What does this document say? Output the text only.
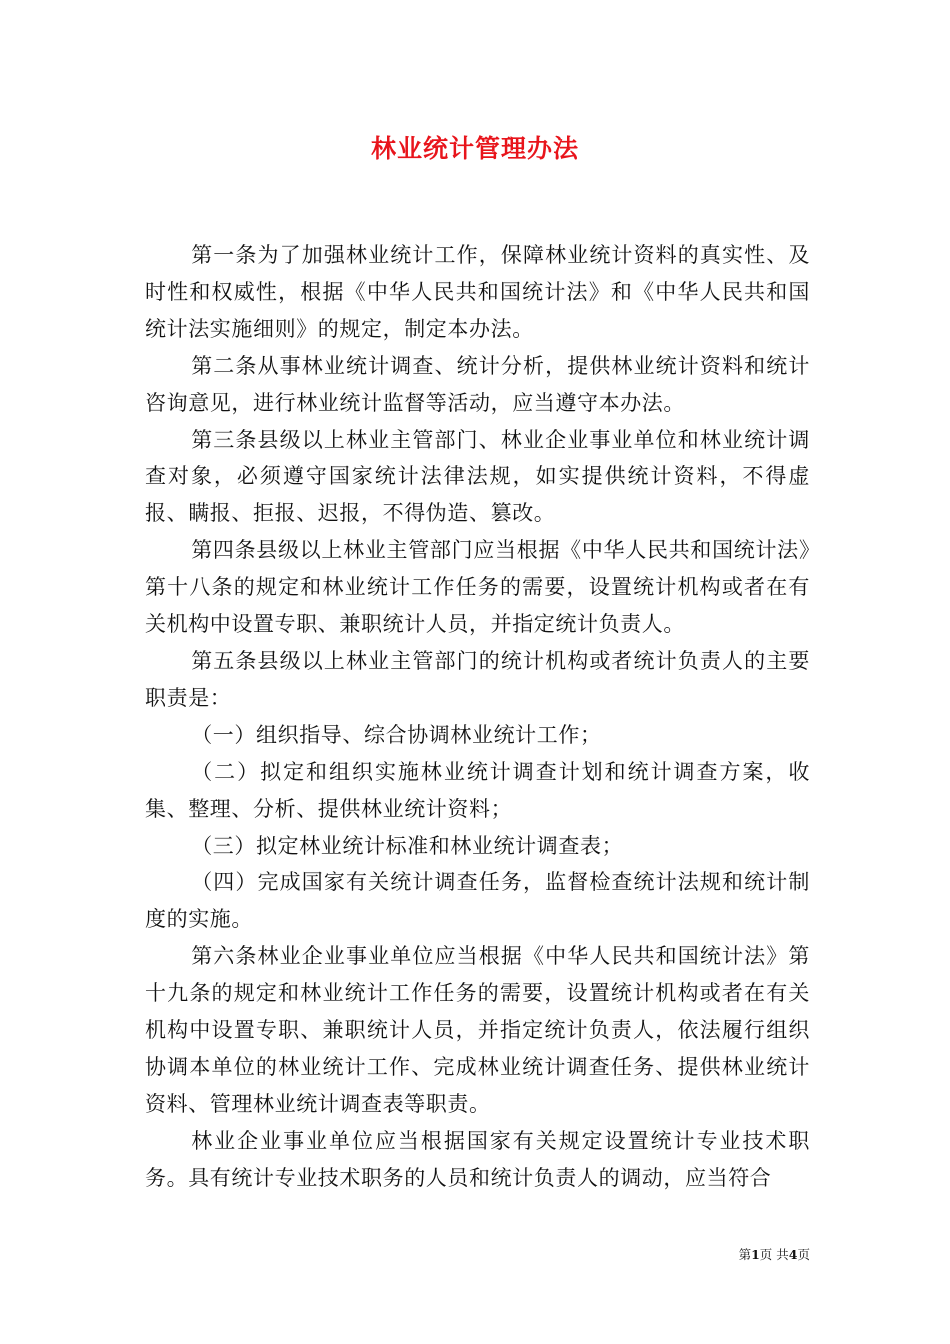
林业统计管理办法

第一条为了加强林业统计工作，保障林业统计资料的真实性、及时性和权威性，根据《中华人民共和国统计法》和《中华人民共和国统计法实施细则》的规定，制定本办法。

第二条从事林业统计调查、统计分析，提供林业统计资料和统计咨询意见，进行林业统计监督等活动，应当遵守本办法。

第三条县级以上林业主管部门、林业企业事业单位和林业统计调查对象，必须遵守国家统计法律法规，如实提供统计资料，不得虚报、瞒报、拒报、迟报，不得伪造、篡改。

第四条县级以上林业主管部门应当根据《中华人民共和国统计法》第十八条的规定和林业统计工作任务的需要，设置统计机构或者在有关机构中设置专职、兼职统计人员，并指定统计负责人。

第五条县级以上林业主管部门的统计机构或者统计负责人的主要职责是：

（一）组织指导、综合协调林业统计工作；

（二）拟定和组织实施林业统计调查计划和统计调查方案，收集、整理、分析、提供林业统计资料；

（三）拟定林业统计标准和林业统计调查表；

（四）完成国家有关统计调查任务，监督检查统计法规和统计制度的实施。

第六条林业企业事业单位应当根据《中华人民共和国统计法》第十九条的规定和林业统计工作任务的需要，设置统计机构或者在有关机构中设置专职、兼职统计人员，并指定统计负责人，依法履行组织协调本单位的林业统计工作、完成林业统计调查任务、提供林业统计资料、管理林业统计调查表等职责。

林业企业事业单位应当根据国家有关规定设置统计专业技术职务。具有统计专业技术职务的人员和统计负责人的调动，应当符合

第1页 共4页
